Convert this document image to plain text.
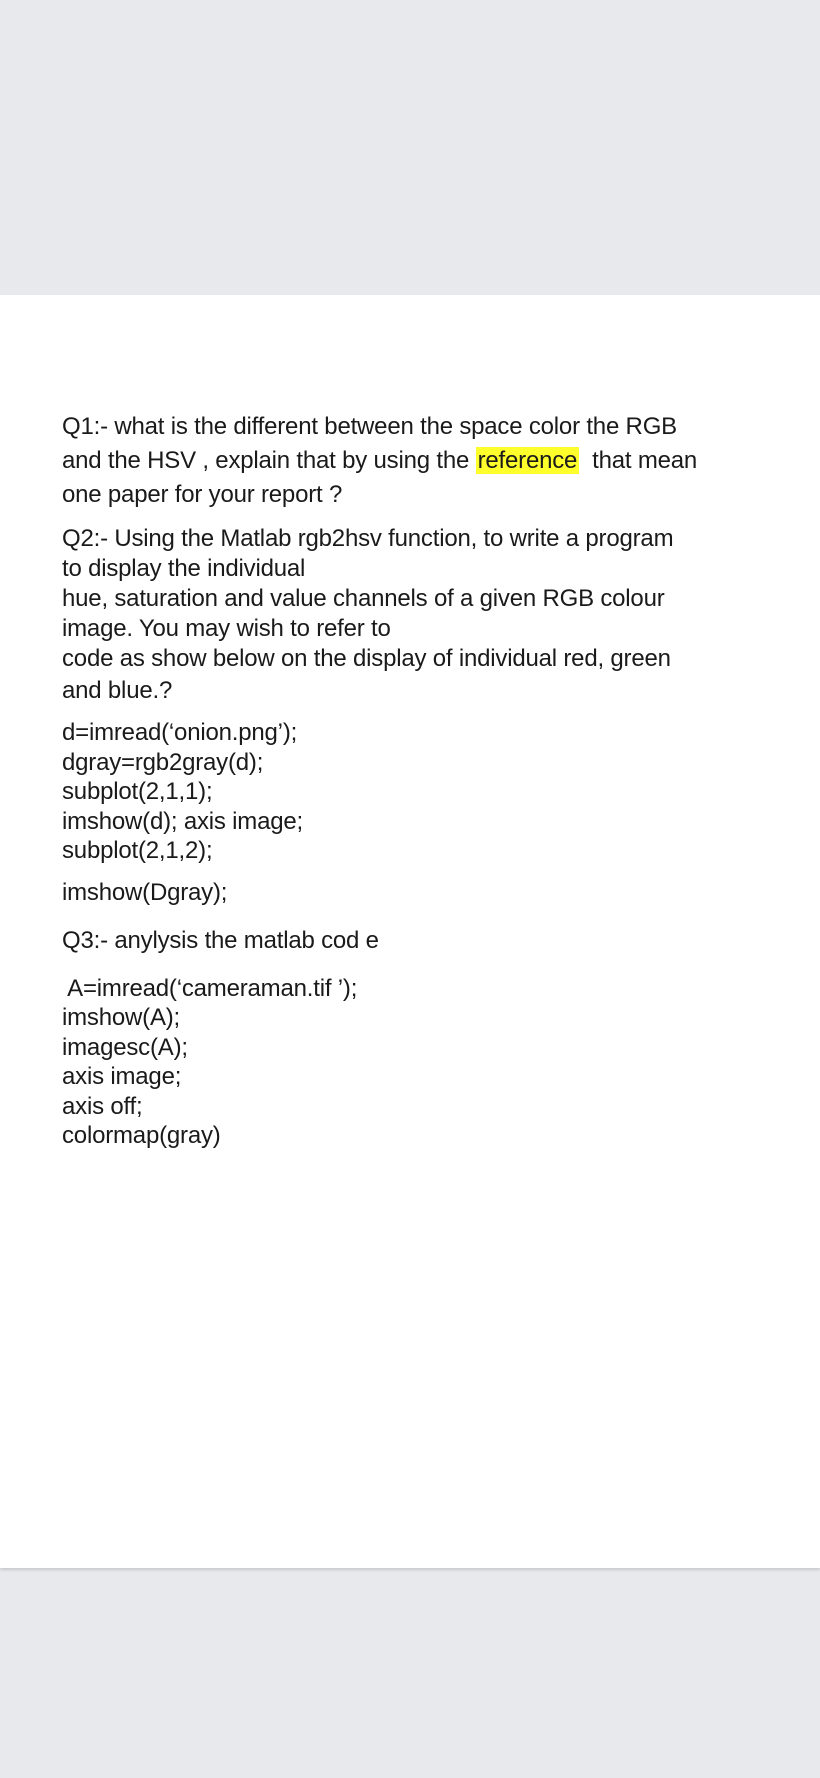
Q1:- what is the different between the space color the RGB
and the HSV , explain that by using the reference  that mean
one paper for your report ?
Q2:- Using the Matlab rgb2hsv function, to write a program
to display the individual
hue, saturation and value channels of a given RGB colour
image. You may wish to refer to
code as show below on the display of individual red, green
and blue.?
d=imread(‘onion.png’);
dgray=rgb2gray(d);
subplot(2,1,1);
imshow(d); axis image;
subplot(2,1,2);
imshow(Dgray);
Q3:- anylysis the matlab cod e
A=imread(‘cameraman.tif ’);
imshow(A);
imagesc(A);
axis image;
axis off;
colormap(gray)
